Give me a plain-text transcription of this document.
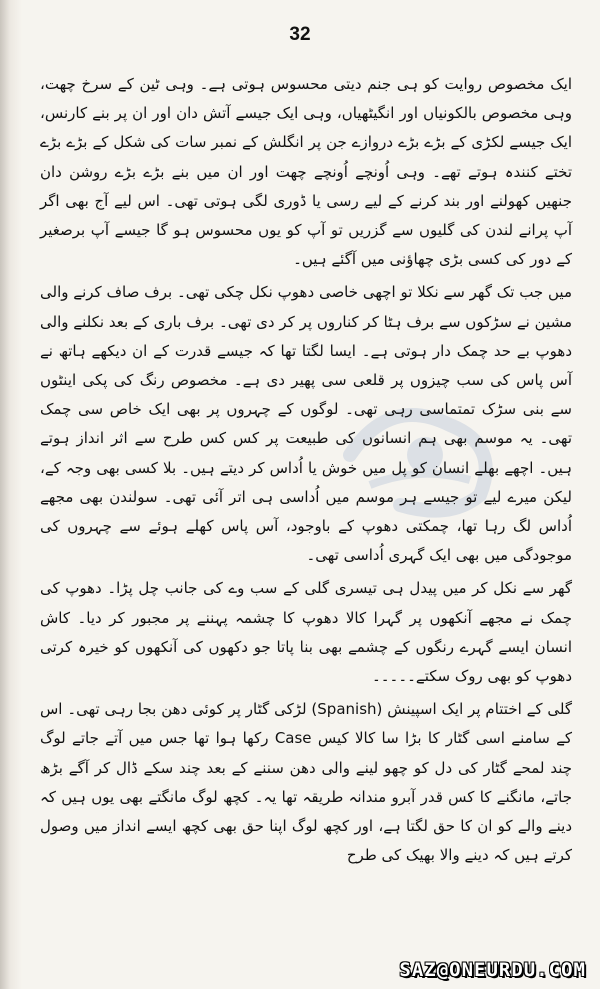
32

ایک مخصوص روایت کو ہی جنم دیتی محسوس ہوتی ہے۔ وہی ٹین کے سرخ چھت، وہی مخصوص بالکونیاں اور انگیٹھیاں، وہی ایک جیسے آتش دان اور ان پر بنے کارنس، ایک جیسے لکڑی کے بڑے بڑے دروازے جن پر انگلش کے نمبر سات کی شکل کے بڑے بڑے تختے کنندہ ہوتے تھے۔ وہی اُونچے اُونچے چھت اور ان میں بنے بڑے بڑے روشن دان جنھیں کھولنے اور بند کرنے کے لیے رسی یا ڈوری لگی ہوتی تھی۔ اس لیے آج بھی اگر آپ پرانے لندن کی گلیوں سے گزریں تو آپ کو یوں محسوس ہو گا جیسے آپ برصغیر کے دور کی کسی بڑی چھاؤنی میں آگئے ہیں۔

میں جب تک گھر سے نکلا تو اچھی خاصی دھوپ نکل چکی تھی۔ برف صاف کرنے والی مشین نے سڑکوں سے برف ہٹا کر کناروں پر کر دی تھی۔ برف باری کے بعد نکلنے والی دھوپ بے حد چمک دار ہوتی ہے۔ ایسا لگتا تھا کہ جیسے قدرت کے ان دیکھے ہاتھ نے آس پاس کی سب چیزوں پر قلعی سی پھیر دی ہے۔ مخصوص رنگ کی پکی اینٹوں سے بنی سڑک تمتماسی رہی تھی۔ لوگوں کے چہروں پر بھی ایک خاص سی چمک تھی۔ یہ موسم بھی ہم انسانوں کی طبیعت پر کس کس طرح سے اثر انداز ہوتے ہیں۔ اچھے بھلے انسان کو پل میں خوش یا اُداس کر دیتے ہیں۔ بلا کسی بھی وجہ کے، لیکن میرے لیے تو جیسے ہر موسم میں اُداسی ہی اتر آئی تھی۔ سولندن بھی مجھے اُداس لگ رہا تھا، چمکتی دھوپ کے باوجود، آس پاس کھلے ہوئے سے چہروں کی موجودگی میں بھی ایک گہری اُداسی تھی۔

گھر سے نکل کر میں پیدل ہی تیسری گلی کے سب وے کی جانب چل پڑا۔ دھوپ کی چمک نے مجھے آنکھوں پر گہرا کالا دھوپ کا چشمہ پہننے پر مجبور کر دیا۔ کاش انسان ایسے گہرے رنگوں کے چشمے بھی بنا پاتا جو دکھوں کی آنکھوں کو خیرہ کرتی دھوپ کو بھی روک سکتے۔۔۔۔۔

گلی کے اختتام پر ایک اسپینش (Spanish) لڑکی گٹار پر کوئی دھن بجا رہی تھی۔ اس کے سامنے اسی گٹار کا بڑا سا کالا کیس Case رکھا ہوا تھا جس میں آتے جاتے لوگ چند لمحے گٹار کی دل کو چھو لینے والی دھن سننے کے بعد چند سکے ڈال کر آگے بڑھ جاتے، مانگنے کا کس قدر آبرو مندانہ طریقہ تھا یہ۔ کچھ لوگ مانگتے بھی یوں ہیں کہ دینے والے کو ان کا حق لگتا ہے، اور کچھ لوگ اپنا حق بھی کچھ ایسے انداز میں وصول کرتے ہیں کہ دینے والا بھیک کی طرح

SAZ@ONEURDU.COM
